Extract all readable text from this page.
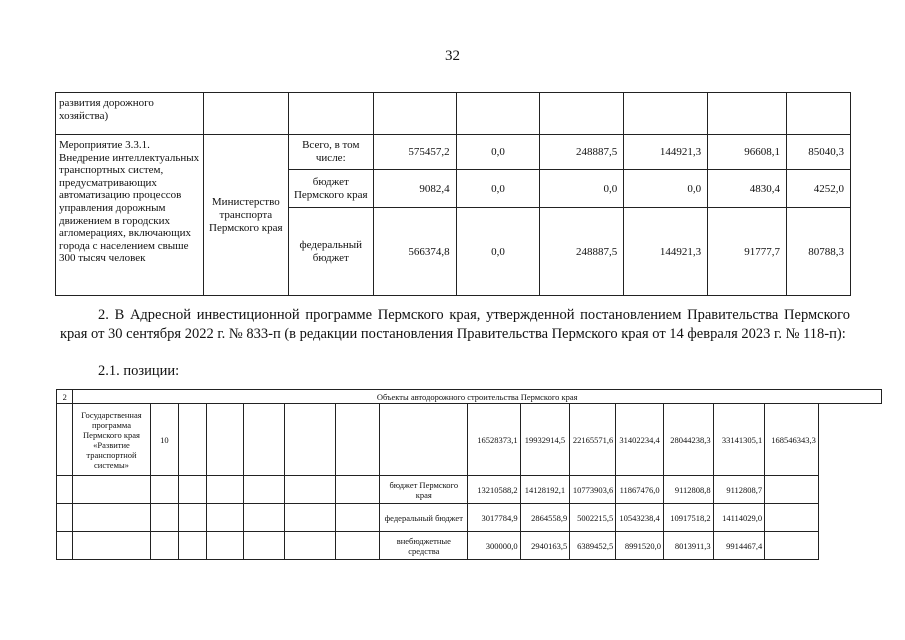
32
развития дорожного хозяйства)								
Мероприятие 3.3.1. Внедрение интеллектуальных транспортных систем, предусматривающих автоматизацию процессов управления дорожным движением в городских агломерациях, включающих города с населением свыше 300 тысяч человек	Министерство транспорта Пермского края	Всего, в том числе:	575457,2	0,0	248887,5	144921,3	96608,1	85040,3
		бюджет Пермского края	9082,4	0,0	0,0	0,0	4830,4	4252,0
		федеральный бюджет	566374,8	0,0	248887,5	144921,3	91777,7	80788,3
2. В Адресной инвестиционной программе Пермского края, утвержденной постановлением Правительства Пермского края от 30 сентября 2022 г. № 833-п (в редакции постановления Правительства Пермского края от 14 февраля 2023 г. № 118-п):
2.1. позиции:
2	Объекты автодорожного строительства Пермского края														
	Государственная программа Пермского края «Развитие транспортной системы»	10							16528373,1	19932914,5	22165571,6	31402234,4	28044238,3	33141305,1	168546343,3
								бюджет Пермского края	13210588,2	14128192,1	10773903,6	11867476,0	9112808,8	9112808,7	
								федеральный бюджет	3017784,9	2864558,9	5002215,5	10543238,4	10917518,2	14114029,0	
								внебюджетные средства	300000,0	2940163,5	6389452,5	8991520,0	8013911,3	9914467,4	
